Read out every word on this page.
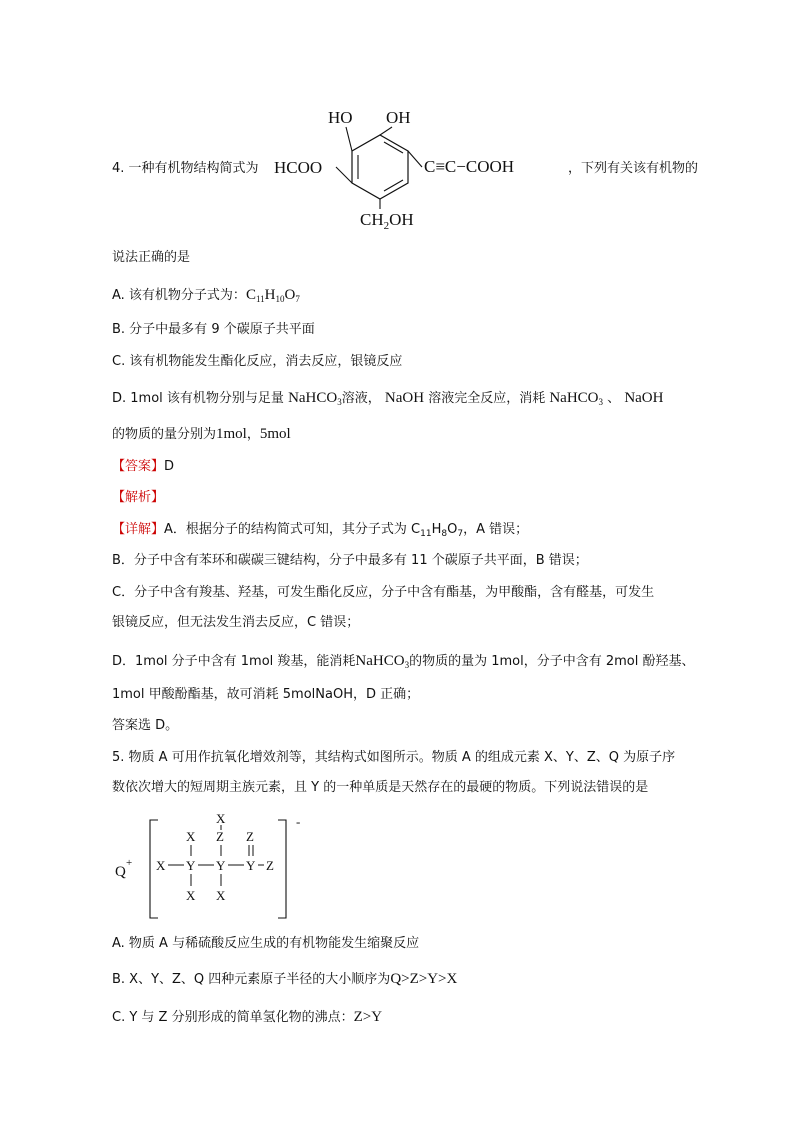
4. 一种有机物结构简式为
HO OH
HCOO	C≡C−COOH
$CH_2OH$
，下列有关该有机物的
说法正确的是
A. 该有机物分子式为：$C_{11}H_{10}O_7$
B. 分子中最多有 9 个碳原子共平面
C. 该有机物能发生酯化反应，消去反应，银镜反应
D. 1mol 该有机物分别与足量 NaHCO$_3$溶液， NaOH 溶液完全反应，消耗 NaHCO$_3$ 、 NaOH
的物质的量分别为1mol，5mol
【答案】D
【解析】
【详解】A．根据分子的结构简式可知，其分子式为 $C_{11}H_8O_7$，A 错误；
B．分子中含有苯环和碳碳三键结构，分子中最多有 11 个碳原子共平面，B 错误；
C．分子中含有羧基、羟基，可发生酯化反应，分子中含有酯基，为甲酸酯，含有醛基，可发生
银镜反应，但无法发生消去反应，C 错误；
D．1mol 分子中含有 1mol 羧基，能消耗NaHCO$_3$的物质的量为 1mol，分子中含有 2mol 酚羟基、
1mol 甲酸酚酯基，故可消耗 5molNaOH，D 正确；
答案选 D。
5. 物质 A 可用作抗氧化增效剂等，其结构式如图所示。物质 A 的组成元素 X、Y、Z、Q 为原子序
数依次增大的短周期主族元素，且 Y 的一种单质是天然存在的最硬的物质。下列说法错误的是
Q
+
-
X
X Z Z
X Y Y Y Z
X X
A. 物质 A 与稀硫酸反应生成的有机物能发生缩聚反应
B. X、Y、Z、Q 四种元素原子半径的大小顺序为Q>Z>Y>X
C. Y 与 Z 分别形成的简单氢化物的沸点：Z>Y
